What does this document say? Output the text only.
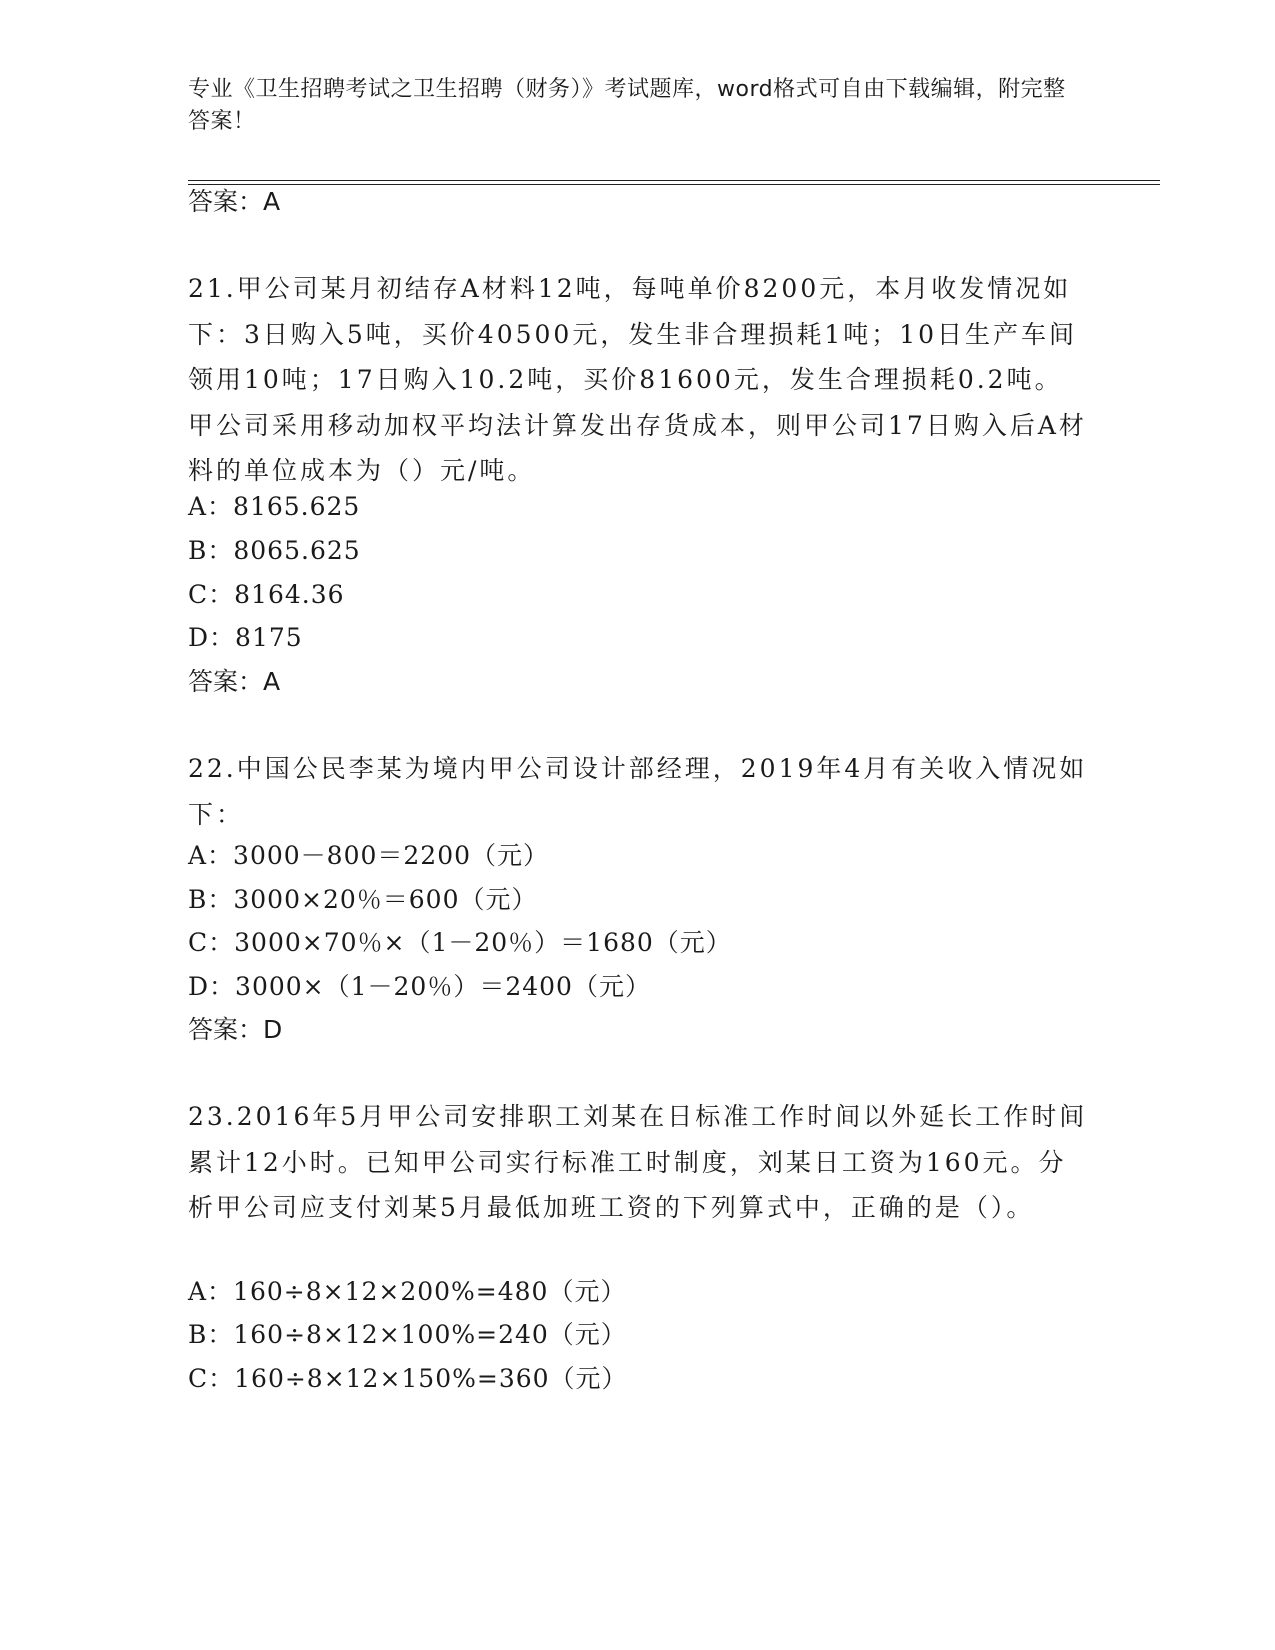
专业《卫生招聘考试之卫生招聘（财务）》考试题库，word格式可自由下载编辑，附完整答案！
答案：A
21.甲公司某月初结存A材料12吨，每吨单价8200元，本月收发情况如下：3日购入5吨，买价40500元，发生非合理损耗1吨；10日生产车间领用10吨；17日购入10.2吨，买价81600元，发生合理损耗0.2吨。甲公司采用移动加权平均法计算发出存货成本，则甲公司17日购入后A材料的单位成本为（）元/吨。
A：8165.625
B：8065.625
C：8164.36
D：8175
答案：A
22.中国公民李某为境内甲公司设计部经理，2019年4月有关收入情况如下：
A：3000－800＝2200（元）
B：3000×20％＝600（元）
C：3000×70％×（1－20％）＝1680（元）
D：3000×（1－20％）＝2400（元）
答案：D
23.2016年5月甲公司安排职工刘某在日标准工作时间以外延长工作时间累计12小时。已知甲公司实行标准工时制度，刘某日工资为160元。分析甲公司应支付刘某5月最低加班工资的下列算式中，正确的是（）。
A：160÷8×12×200%=480（元）
B：160÷8×12×100%=240（元）
C：160÷8×12×150%=360（元）
